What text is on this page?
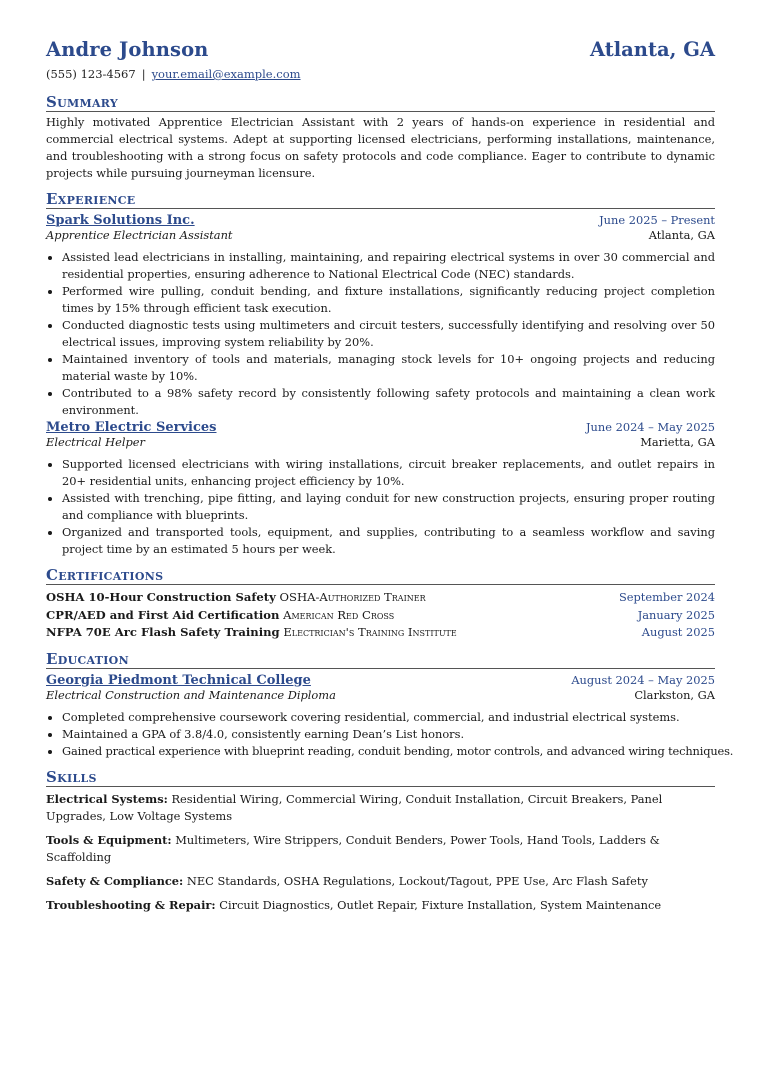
Andre Johnson	Atlanta, GA
(555) 123-4567 | your.email@example.com
Summary
Highly motivated Apprentice Electrician Assistant with 2 years of hands-on experience in residential and commercial electrical systems. Adept at supporting licensed electricians, performing installations, maintenance, and troubleshooting with a strong focus on safety protocols and code compliance. Eager to contribute to dynamic projects while pursuing journeyman licensure.
Experience
Spark Solutions Inc.	June 2025 – Present
Apprentice Electrician Assistant	Atlanta, GA
• Assisted lead electricians in installing, maintaining, and repairing electrical systems in over 30 commercial and residential properties, ensuring adherence to National Electrical Code (NEC) standards.
• Performed wire pulling, conduit bending, and fixture installations, significantly reducing project completion times by 15% through efficient task execution.
• Conducted diagnostic tests using multimeters and circuit testers, successfully identifying and resolving over 50 electrical issues, improving system reliability by 20%.
• Maintained inventory of tools and materials, managing stock levels for 10+ ongoing projects and reducing material waste by 10%.
• Contributed to a 98% safety record by consistently following safety protocols and maintaining a clean work environment.
Metro Electric Services	June 2024 – May 2025
Electrical Helper	Marietta, GA
• Supported licensed electricians with wiring installations, circuit breaker replacements, and outlet repairs in 20+ residential units, enhancing project efficiency by 10%.
• Assisted with trenching, pipe fitting, and laying conduit for new construction projects, ensuring proper routing and compliance with blueprints.
• Organized and transported tools, equipment, and supplies, contributing to a seamless workflow and saving project time by an estimated 5 hours per week.
Certifications
OSHA 10-Hour Construction Safety OSHA-Authorized Trainer	September 2024
CPR/AED and First Aid Certification American Red Cross	January 2025
NFPA 70E Arc Flash Safety Training Electrician's Training Institute	August 2025
Education
Georgia Piedmont Technical College	August 2024 – May 2025
Electrical Construction and Maintenance Diploma	Clarkston, GA
• Completed comprehensive coursework covering residential, commercial, and industrial electrical systems.
• Maintained a GPA of 3.8/4.0, consistently earning Dean’s List honors.
• Gained practical experience with blueprint reading, conduit bending, motor controls, and advanced wiring techniques.
Skills
Electrical Systems: Residential Wiring, Commercial Wiring, Conduit Installation, Circuit Breakers, Panel Upgrades, Low Voltage Systems
Tools & Equipment: Multimeters, Wire Strippers, Conduit Benders, Power Tools, Hand Tools, Ladders & Scaffolding
Safety & Compliance: NEC Standards, OSHA Regulations, Lockout/Tagout, PPE Use, Arc Flash Safety
Troubleshooting & Repair: Circuit Diagnostics, Outlet Repair, Fixture Installation, System Maintenance
